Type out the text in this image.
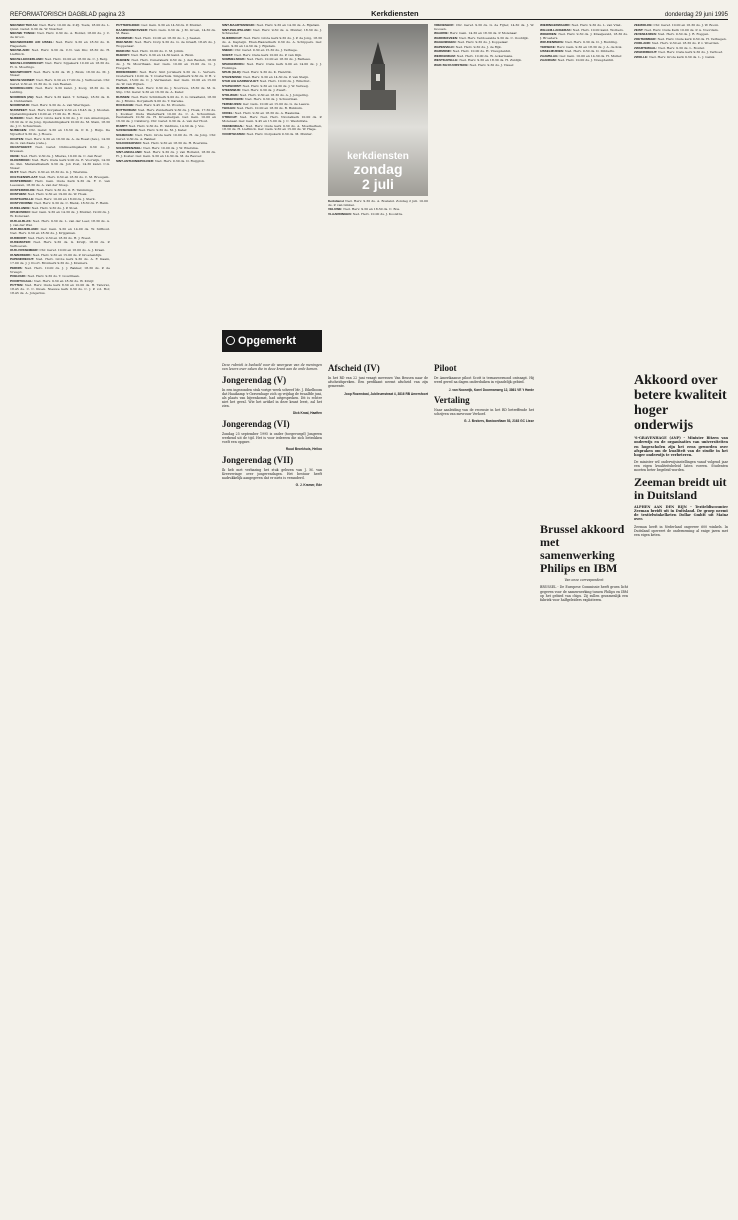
REFORMATORISCH DAGBLAD pagina 23	Kerkdiensten	donderdag 29 juni 1995

NIEUWER TER AA: Ned. Herv. 10.00 ds. Z.P.J. Toets, 18.00 ds. L. Quist. Geref. 9.30 ds. W. Visscher.

NIEUWE TONGE: Ned. Herv. 9.30 ds. A. Bolder, 18.00 ds. J. C. de Groot.

NIEUWERKERK A/D IJSSEL: Ned. Herv. 9.30 en 18.30 ds. D. Hagestein.

NIEUWLAND: Ned. Herv. 9.30 ds. C.N. van Dis; 18.30 ds. H. Lieftinck.

NIEUW-LEKKERLAND: Ned. Herv. 10.00 en 18.30 ds. C. J. Berg.

NIEUW-LOOSDRECHT: Ned. Herv. Sijpekerk 10.00 en 18.30 ds. H. G. Moerings.

NIEUWPOORT: Ned. Herv. 9.30 ds. W. J. Blom; 18.30 ds. M. J. Visser.

NIEUW-VENNEP: Ned. Herv. 9.30 en 17.00 ds. J. Verhoeven. Chr. Geref. 9.30 en 15.30 ds. G. van Reenen.

NOORDELOOS: Ned. Herv. 9.30 kand. J. Kooij, 18.30 ds. G. Lanting.

NOORDEN (ZH): Ned. Herv. 9.30 kand. T. Schaap, 18.30 ds. D. A. Dubbeldam.

NOORDWIJK: Ned. Herv. 9.30 ds. A. van Wieringen.

NUNSPEET: Ned. Herv. Dorpskerk 9.30 en 18.45 ds. J. Stouten. Opstandingskerk 10.00 en 17.00 ds. H. Roos.

NIJKERK: Ned. Herv. Grote kerk 9.30 ds. J. P. van Amerongen, 18.30 ds. P. de Jong. Opstandingskerk 10.00 ds. M. Stam, 18.30 ds. J. C. Schuurman.

NIJMEGEN: Chr. Geref. 9.30 en 16.30 ds. P. D. J. Buijs. De Vijverhof 9.30 ds. J. Hoeve.

OCHTEN: Ned. Herv. 9.30 en 18.30 ds. A. de Roest (hev.), 14.30 ds. G. van Zaele (cate.).

OEGSTGEEST: Ned. Geref. Ontmoetingskerk 9.30 ds. J. Kreusen.

OENE: Ned. Herv. 9.30 ds. J. Mieras, 19.00 ds. C. den Boer.

OLDEBROEK: Ned. Herv. Oude kerk 9.00 ds. E. Voorwijk, 14.30 ds. Pen. Maranathakerk 9.30 ds. Job Post, 14.30 kand. C.G. Visser.

OLST: Ned. Herv. 9.30 en 16.30 ds. G. J. Wiersma.

OOLTGENSPLAAT: Ned. Herv. 9.30 en 18.30 ds. C. M. Breugem.

OOSTERBEEK: Herv. Gem. Oude Kerk 9.30 ds. F. C. van Leeuwen, 18.30 ds. A. van der Stoep.

OOSTERWOLDE: Ned. Herv. 9.30 ds. D. R. Tamminga.

OOSTHEM: Ned. Herv. 9.30 en 19.00 ds. W. Hoek.

OOSTKAPELLE: Ned. Herv. 10.00 en 18.00 ds. J. Sterk.

OOSTVOORNE: Ned. Herv. 9.30 ds. C. Blenk, 18.30 ds. F. Henk.

OUDELANDE: Ned. Herv. 9.30 ds. J. P. Stoel.

OPHEUSDEN: Ger. Gem. 9.30 en 14.30 ds. J. Mulder, 19.00 ds. J. W. Korevaar.

OUD-ALBLAS: Ned. Herv. 9.30 ds. L. van der Leer, 18.30 ds. A. J. van der Wal.

OUD-BEIJERLAND: Ger. Gem. 9.30 en 14.00 ds. W. Silfhout. Ned. Herv. 9.30 en 18.30 ds. J. Krijgsman.

OUDDORP: Ned. Herv. 9.30 en 18.30 ds. H. J. Roest.

OUDEWATER: Ned. Herv. 9.30 ds. G. Kruijt, 18.30 ds. P. Verhoeven.

OUD-VOSSEMEER: Chr. Geref. 10.00 en 16.00 ds. A. J. Kraan.

OUWERKERK: Ned. Herv. 9.30 en 15.00 ds. P. Groenendijk.

PAPENDRECHT: Ned. Herv. Grote kerk 9.30 ds. A. F. Kaam, 17.00 ds. J. J. Poort. Bronkerk 9.30 ds. J. Kremers.

PERNIS: Ned. Herv. 10.00 ds. J. J. Bakker, 18.30 ds. P. de Vreugd.

POELDIJK: Ned. Herv. 9.30 ds. T. Goudriaan.

POORTUGAAL: Ned. Herv. 9.30 en 18.30 ds. W. Kruijf.

PUTTEN: Ned. Herv. Oude kerk 8.30 en 10.00 ds. H. Taborsz, 18.45 ds. C. C. Kloek. Nieuwe kerk 9.30 ds. C. J. P. v.d. Bor, 18.45 ds. A. Jongerius.

PUTTERSHOEK: Ger. Gem. 9.30 en 14.30 ds. P. Mulder.

RAAMSDONKSVEER: Herv. Gem. 9.30 ds. J. M. Groen, 14.30 ds. M. Baas.

RANDWIJK: Ned. Herv. 10.00 en 18.30 ds. L. J. Seelen.

REEUWIJK: Ned. Herv. Dorp 9.30 ds. G. de Graaff, 18.45 ds. J. Woppenaar.

RENKUM: Ned. Herv. 10.00 ds. C. M. Jolink.

RHENOY: Ned. Herv. 9.30 en 14.30 kand. A. Blom.

RHENEN: Ned. Herv. Cunerakerk 9.30 ds. J. den Besten, 18.30 ds. J. W. Mourthaan. Ger. Gem. 10.00 en 15.00 ds. G. J. Hoogerh.

RIDDERKERK: Ned. Herv. Sint Joriskerk 9.30 ds. L. Ververs. Oosterkerk 10.00 ds. T. Oosterhuis. Singelkerk 9.30 ds. P. H. v. Harten, 15.00 ds. C. J. Vermeulen. Ger. Gem. 10.00 en 15.00 ds. W. van Wijnen.

RIJNSBURG: Ned. Herv. 9.30 ds. J. Noorloos, 18.30 ds. M. G. Stip. Chr. Geref. 9.30 en 16.30 ds. A. Kater.

RIJSSEN: Ned. Herv. Schildkerk 9.00 ds. C. G. Graafland, 18.30 ds. J. Bruins. Dorpskerk 9.00 ds. T. Karelse.

ROCKANJE: Ned. Herv. 9.45 ds. M. Wouters.

ROTTERDAM: Ned. Herv. Zuiderkerk 9.30 ds. J. Hoek, 17.30 ds. J. Kooiker. Oude Westerkerk 10.00 ds. C. A. Schuurman. Pauluskerk 10.30 ds. H. Kroesbergen. Ger. Gem. 10.00 en 16.30 ds. J. Catsburg. Chr. Geref. 9.30 ds. A. van der Hout.

RUMPT: Ned. Herv. 9.30 ds. H. Veldhuis, 14.30 ds. J. Vos.

SASSENHEIM: Ned. Herv. 9.30 ds. M. J. Kater.

SCHIEDAM: Ned. Herv. Grote kerk 10.00 ds. H. de Jong. Chr. Geref. 9.30 ds. A. Bakker.

SCHOONHOVEN: Ned. Herv. 9.30 en 18.30 ds. H. Boersma.

SCHERPENZEEL: Ned. Herv. 10.00 ds. J. W. Wiersma.

SINT-ANNALAND: Ned. Herv. 9.30 ds. J. van Holland, 18.30 ds. H. J. Koster. Ger. Gem. 9.30 en 14.30 ds. M. de Reuver.

SINT-ANTHONIEPOLDER: Ned. Herv. 9.30 ds. D. Ruijgrok.

SINT-MAARTENSDIJK: Ned. Herv. 9.30 en 14.30 ds. A. Rijsdam.

SINT-PHILIPSLAND: Ned. Herv. 9.30 ds. A. Mulder, 18.30 ds. J. Schreuder.

SLIEDRECHT: Ned. Herv. Grote kerk 9.30 ds. J. P. de Jong, 18.30 ds. A. Kapteijn. Eben-Haëzerkerk 9.30 ds. A. Schippers. Ger. Gem. 9.30 en 14.30 ds. J. Rijsdam.

SNEEK: Chr. Geref. 9.30 en 15.30 ds. J. Verhage.

SOEST: Ned. Herv. Oude kerk 10.00 ds. P. van Dijk.

SOMMELSDIJK: Ned. Herv. 10.00 en 18.30 ds. J. Batteau.

SPAKENBURG: Ned. Herv. Oude kerk 9.00 en 14.00 ds. J. J. Huizinga.

SPIJK (GLD): Ned. Herv. 9.30 ds. K. Hendrik.

STAVENISSE: Ned. Herv. 9.30 en 14.30 ds. P. van Steijn.

STAD A/H HARINGVLIET: Ned. Herv. 10.00 ds. J. Wilschut.

STAPHORST: Ned. Herv. 9.30 en 14.30 ds. J. W. Verweij.

STEENWIJK: Ned. Herv. 9.30 ds. J. Zwart.

STOLWIJK: Ned. Herv. 9.30 en 18.30 ds. A. J. Jongeling.

STREEFKERK: Ned. Herv. 9.30 ds. J. Schuurman.

TERNEUZEN: Ger. Gem. 10.00 en 15.00 ds. G. de Leeuw.

THOLEN: Ned. Herv. 10.00 en 18.30 ds. B. Bukkum.

UDDEL: Ned. Herv. 9.30 en 18.30 ds. A. Haaksma.

UTRECHT: Ned. Herv. Ned. Herv. Nicolaïkerk 10.00 ds. P. Molenaar. Ger. Gem. 9.45 en 15.00 ds. J. C. Weststrate.

VEENENDAAL: Ned. Herv. Oude kerk 9.30 ds. A. Moerkerken, 18.30 ds. H. Lieftinck. Ger. Gem. 9.30 en 15.00 ds. W. Hage.

VOORTHUIZEN: Ned. Herv. Dorpskerk 9.30 ds. M. Mulder.

kerkdiensten
zondag
2 juli

Kerkdienst Ned. Herv. 9.30 ds. A. Bosland. Zondag 2 juli. 10.00 ds. P. van Ginkel.

VELUWE: Ned. Herv. 9.30 en 18.30 ds. C. Bos.

VLAARDINGEN: Ned. Herv. 10.00 ds. J. Kooistra.

VREDENHOF: Chr. Geref. 9.30 ds. G. de Fijter, 14.30 ds. J. W. Goosen.

WAARDE: Herv. Gem. 14.30 en 18.30 ds. P. Molenaar.

WADDINXVEEN: Ned. Herv. Verdoezelde 9.30 ds. C. Oostdijk.

WAGENINGEN: Ned. Herv. 9.30 ds. J. Koppelaar.

WAPENVELD: Ned. Herv. 9.30 ds. J. de Rijk.

WARMOND: Ned. Herv. 10.00 ds. H. Vreugdenhil.

WERKENDAM: Ned. Herv. 10.00 ds. W. Ackermans.

WESTKAPELLE: Ned. Herv. 9.30 en 18.30 ds. H. Zuidijk.

WIJK BIJ DUURSTEDE: Ned. Herv. 9.30 ds. J. Visser.

WIERINGERWAARD: Ned. Herv. 9.30 ds. L. van Vliet.

WILLEM-LANGERAK: Ned. Herv. 10.00 kand. Wolbers.

WOERDEN: Ned. Herv. 9.30 ds. J. Kraaijeveld, 18.30 ds. J. Broeders.

WOUDENBERG: Ned. Herv. 9.30 ds. D. J. Budding.

YERSEKE: Herv. Gem. 9.30 en 18.30 ds. J. A. de Kok.

IJSSELMUIDEN: Ned. Herv. 9.30 ds. D. Dibbetts.

ZAAMSLAG: Ger. Gem. 10.00 en 14.30 ds. H. Muller.

ZAANDAM: Ned. Herv. 10.00 ds. J. Vreugdenhil.

ZEEWOLDE: Chr. Geref. 10.00 en 16.30 ds. J. W. Boom.

ZEIST: Ned. Herv. Oude Kerk 10.00 ds. P. A. Noordam.

ZEVENHUIZEN: Ned. Herv. 9.30 ds. J. R. Roggen.

ZOETERMEER: Ned. Herv. Oude kerk 9.30 ds. H. Verhagen.

ZUIDLAND: Ned. Herv. 9.30 en 18.30 ds. P. v. Woerden.

ZWARTEWAAL: Ned. Herv. 9.30 ds. L. Bouter.

ZWIJNDRECHT: Ned. Herv. Oude kerk 9.30 ds. J. Verhoef.

ZWOLLE: Ned. Herv. Grote kerk 9.30 ds. L. J. Geluk.

Opgemerkt

Deze rubriek is bedoeld voor de weergave van de meningen van lezers over zaken die in deze krant aan de orde komen.

Jongerendag (V)

In een ingezonden stuk vorige week schreef Mr. J. Eikelboom dat Haaikamp 's-Gravenhage zich op vrijdag de twaalfde juni, als plaats van bijeenkomst, had uitgesproken. Dit is echter niet het geval. Wie het artikel in deze krant leest, zal het zien.

Dick Kraal, Haaften

Jongerendag (VI)

Zondag 25 september 1995 is onder (toegevoegd) Jongeren werkend uit de tijd. Het is voor iedereen die zich betrokken voelt een opgave.

Ruud Broekhuis, Heiloo

Jongerendag (VII)

Ik heb met verbazing het stuk gelezen van J. M. van Kreeveringe over jongerendagen. Het bestuur heeft nadrukkelijk aangegeven dat er niets is veranderd.

G. J. Kramer, Ede

Afscheid (IV)

In het RD van 22 juni vraagt mevrouw Van Beusen naar de afscheidspreken. Een predikant neemt afscheid van zijn gemeente.

Joop Rozendaal, Jubileumstraat 4, 3816 RB Amersfoort

Piloot

De Amerikaanse piloot Scott is ternauwernood ontsnapt. Hij werd gered na dagen onderduiken in vijandelijk gebied.

J. van Noorwijk, Karel Doormanweg 12, 3861 VE 't Harde

Vertaling

Naar aanleiding van de recensie in het RD betreffende het schrijven van mevrouw Verhoef.

G. J. Bezkers, Bastoonflaan 53, 2163 GC Lisse

Brussel akkoord met samenwerking Philips en IBM

Van onze correspondent

BRUSSEL - De Europese Commissie heeft groen licht gegeven voor de samenwerking tussen Philips en IBM op het gebied van chips. Zij zullen gezamenlijk een fabriek voor halfgeleiders exploiteren.

Akkoord over betere kwaliteit hoger onderwijs

'S-GRAVENHAGE (ANP) - Minister Ritzen van onderwijs en de organisaties van universiteiten en hogescholen zijn het eens geworden over afspraken om de kwaliteit van de studie in het hoger onderwijs te verbeteren.

De minister wil onderwijsinstellingen vanaf volgend jaar een eigen kwaliteitsbeleid laten voeren. Studenten moeten beter begeleid worden.

Zeeman breidt uit in Duitsland

ALPHEN AAN DEN RIJN - Textieldiscounter Zeeman breidt uit in Duitsland. De groep neemt de textielwinkelketen Dollar GmbH uit Mainz over.

Zeeman heeft in Nederland ongeveer 600 winkels. In Duitsland opereert de onderneming al enige jaren met een eigen keten.
